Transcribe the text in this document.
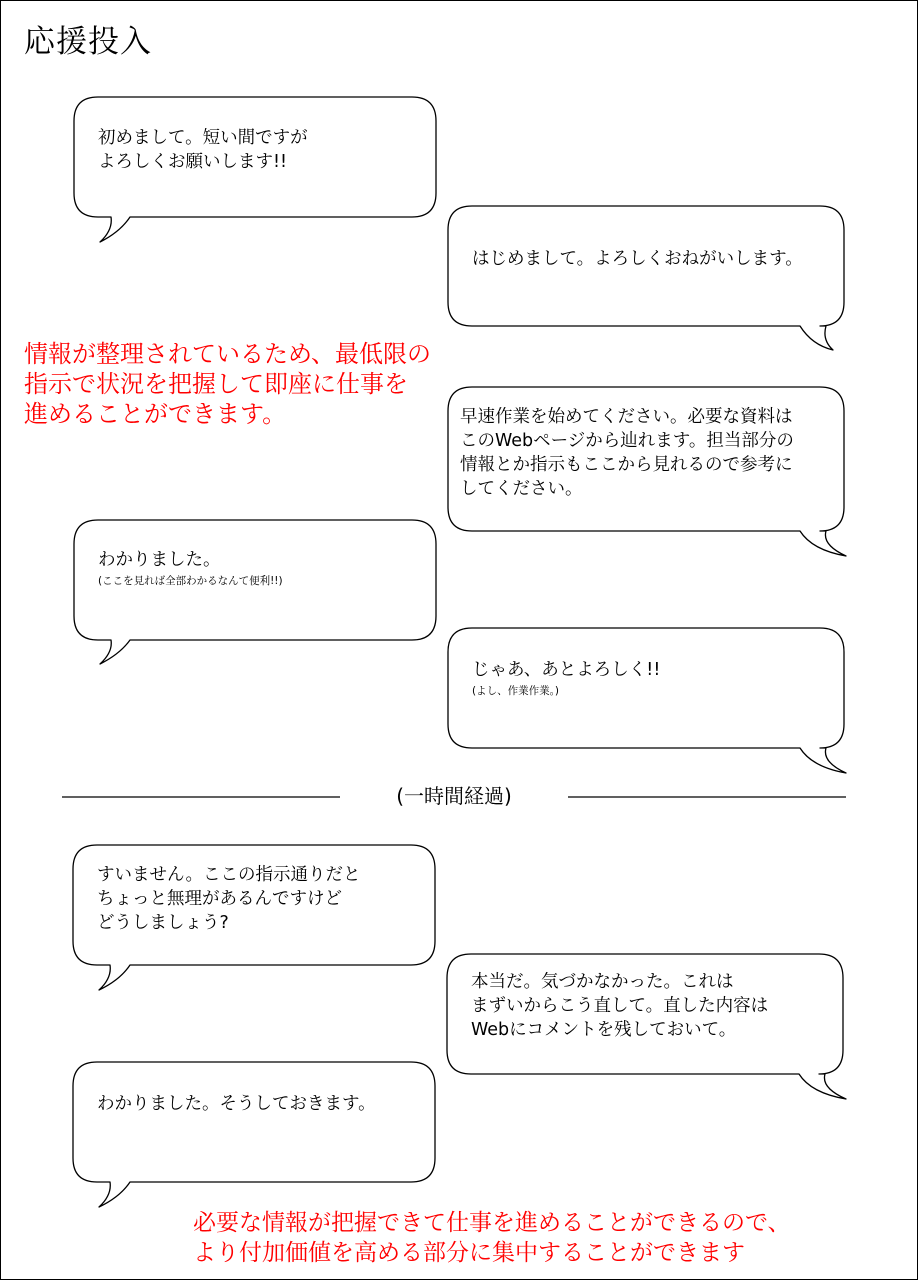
応援投入
初めまして。短い間ですが
よろしくお願いします!!
はじめまして。よろしくおねがいします。
早速作業を始めてください。必要な資料は
このWebページから辿れます。担当部分の
情報とか指示もここから見れるので参考に
してください。
わかりました。
(ここを見れば全部わかるなんて便利!!)
じゃあ、あとよろしく!!
(よし、作業作業。)
すいません。ここの指示通りだと
ちょっと無理があるんですけど
どうしましょう?
本当だ。気づかなかった。これは
まずいからこう直して。直した内容は
Webにコメントを残しておいて。
わかりました。そうしておきます。
(一時間経過)
情報が整理されているため、最低限の
指示で状況を把握して即座に仕事を
進めることができます。
必要な情報が把握できて仕事を進めることができるので、
より付加価値を高める部分に集中することができます
